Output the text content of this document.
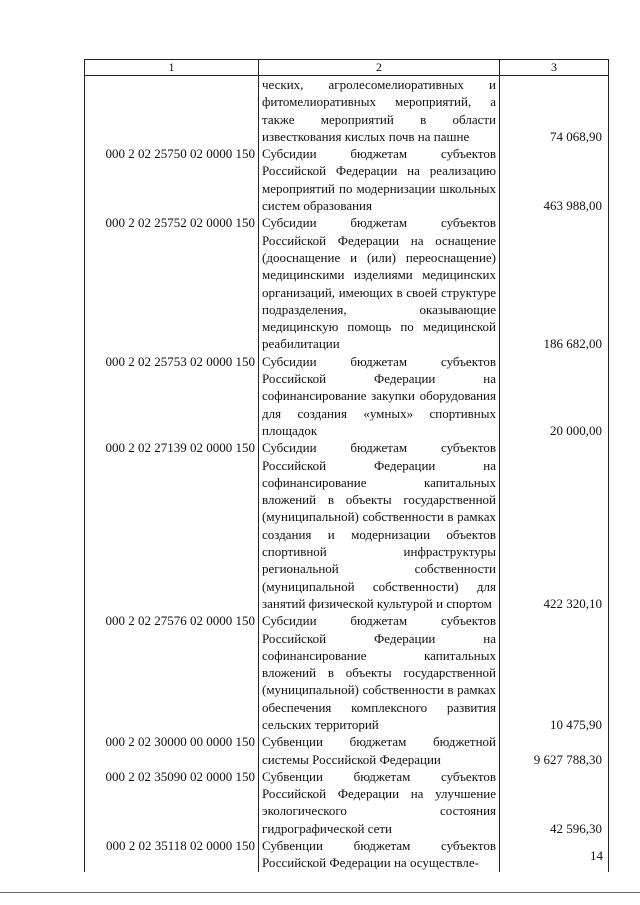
1	2	3
	ческих, агролесомелиоративных и фитомелиоративных мероприятий, а также мероприятий в области известкования кислых почв на пашне	74 068,90
000 2 02 25750 02 0000 150	Субсидии бюджетам субъектов Российской Федерации на реализацию мероприятий по модернизации школьных систем образования	463 988,00
000 2 02 25752 02 0000 150	Субсидии бюджетам субъектов Российской Федерации на оснащение (дооснащение и (или) переоснащение) медицинскими изделиями медицинских организаций, имеющих в своей структуре подразделения, оказывающие медицинскую помощь по медицинской реабилитации	186 682,00
000 2 02 25753 02 0000 150	Субсидии бюджетам субъектов Российской Федерации на софинансирование закупки оборудования для создания «умных» спортивных площадок	20 000,00
000 2 02 27139 02 0000 150	Субсидии бюджетам субъектов Российской Федерации на софинансирование капитальных вложений в объекты государственной (муниципальной) собственности в рамках создания и модернизации объектов спортивной инфраструктуры региональной собственности (муниципальной собственности) для занятий физической культурой и спортом	422 320,10
000 2 02 27576 02 0000 150	Субсидии бюджетам субъектов Российской Федерации на софинансирование капитальных вложений в объекты государственной (муниципальной) собственности в рамках обеспечения комплексного развития сельских территорий	10 475,90
000 2 02 30000 00 0000 150	Субвенции бюджетам бюджетной системы Российской Федерации	9 627 788,30
000 2 02 35090 02 0000 150	Субвенции бюджетам субъектов Российской Федерации на улучшение экологического состояния гидрографической сети	42 596,30
000 2 02 35118 02 0000 150	Субвенции бюджетам субъектов Российской Федерации на осуществле-		14
